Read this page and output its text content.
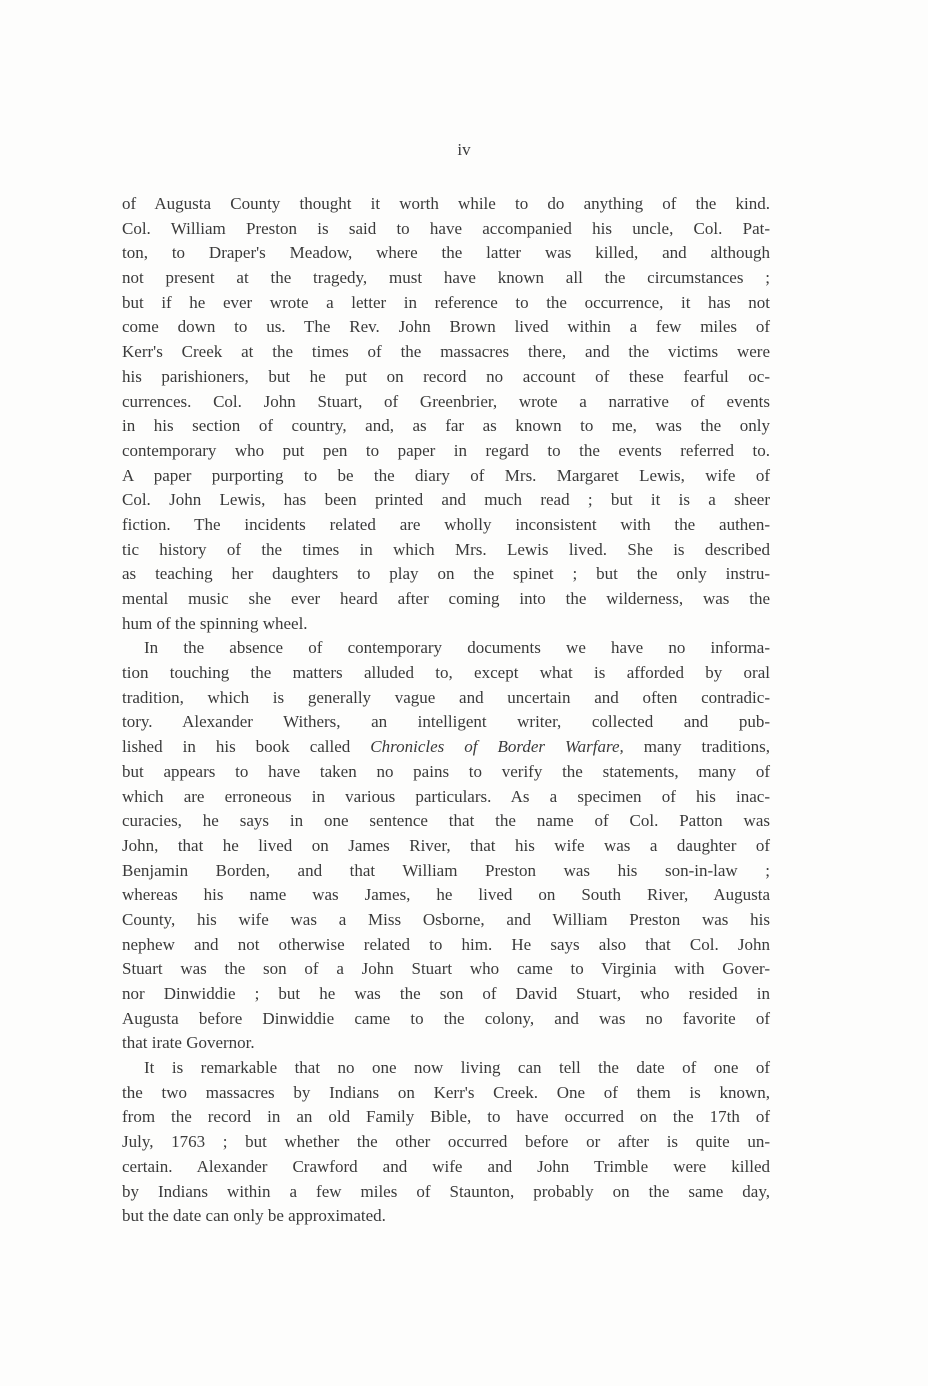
iv
of Augusta County thought it worth while to do anything of the kind.
Col. William Preston is said to have accompanied his uncle, Col. Pat-
ton, to Draper's Meadow, where the latter was killed, and although
not present at the tragedy, must have known all the circumstances ;
but if he ever wrote a letter in reference to the occurrence, it has not
come down to us. The Rev. John Brown lived within a few miles of
Kerr's Creek at the times of the massacres there, and the victims were
his parishioners, but he put on record no account of these fearful oc-
currences. Col. John Stuart, of Greenbrier, wrote a narrative of events
in his section of country, and, as far as known to me, was the only
contemporary who put pen to paper in regard to the events referred to.
A paper purporting to be the diary of Mrs. Margaret Lewis, wife of
Col. John Lewis, has been printed and much read ; but it is a sheer
fiction. The incidents related are wholly inconsistent with the authen-
tic history of the times in which Mrs. Lewis lived. She is described
as teaching her daughters to play on the spinet ; but the only instru-
mental music she ever heard after coming into the wilderness, was the
hum of the spinning wheel.
In the absence of contemporary documents we have no informa-
tion touching the matters alluded to, except what is afforded by oral
tradition, which is generally vague and uncertain and often contradic-
tory. Alexander Withers, an intelligent writer, collected and pub-
lished in his book called Chronicles of Border Warfare, many traditions,
but appears to have taken no pains to verify the statements, many of
which are erroneous in various particulars. As a specimen of his inac-
curacies, he says in one sentence that the name of Col. Patton was
John, that he lived on James River, that his wife was a daughter of
Benjamin Borden, and that William Preston was his son-in-law ;
whereas his name was James, he lived on South River, Augusta
County, his wife was a Miss Osborne, and William Preston was his
nephew and not otherwise related to him. He says also that Col. John
Stuart was the son of a John Stuart who came to Virginia with Gover-
nor Dinwiddie ; but he was the son of David Stuart, who resided in
Augusta before Dinwiddie came to the colony, and was no favorite of
that irate Governor.
It is remarkable that no one now living can tell the date of one of
the two massacres by Indians on Kerr's Creek. One of them is known,
from the record in an old Family Bible, to have occurred on the 17th of
July, 1763 ; but whether the other occurred before or after is quite un-
certain. Alexander Crawford and wife and John Trimble were killed
by Indians within a few miles of Staunton, probably on the same day,
but the date can only be approximated.
